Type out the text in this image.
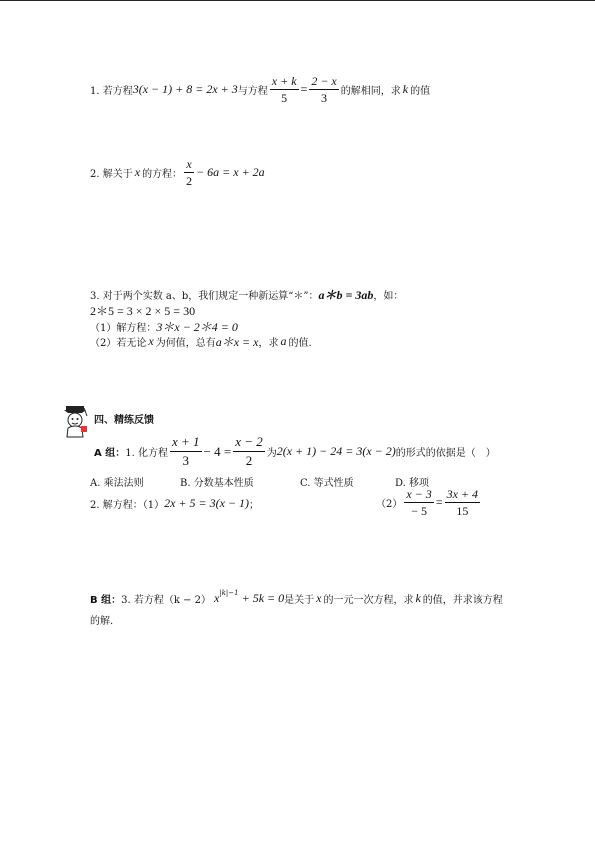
1. 若方程 3(x − 1) + 8 = 2x + 3 与方程 $\frac{x + k}{5} = \frac{2 - x}{3}$ 的解相同，求 k 的值
2. 解关于 x 的方程： $\frac{x}{2} - 6a = x + 2a$
3. 对于两个实数 a、b，我们规定一种新运算“＊”： a＊b = 3ab ，如：
2＊5 = 3 × 2 × 5 = 30
（1）解方程： 3＊x − 2＊4 = 0
（2）若无论 x 为何值，总有 a＊x = x ，求 a 的值.
四、精练反馈
A 组： 1. 化方程 $\frac{x + 1}{3} - 4 = \frac{x - 2}{2}$ 为 2(x + 1) − 24 = 3(x − 2) 的形式的依据是（　）
A. 乘法法则	B. 分数基本性质	C. 等式性质	D. 移项
2. 解方程：（1） 2x + 5 = 3(x − 1) ；	$(2) \frac{x - 3}{- 5} = \frac{3x + 4}{15}$
B 组： 3. 若方程（k − 2） x |k|−1 + 5k = 0 是关于 x 的一元一次方程，求 k 的值，并求该方程
的解.
